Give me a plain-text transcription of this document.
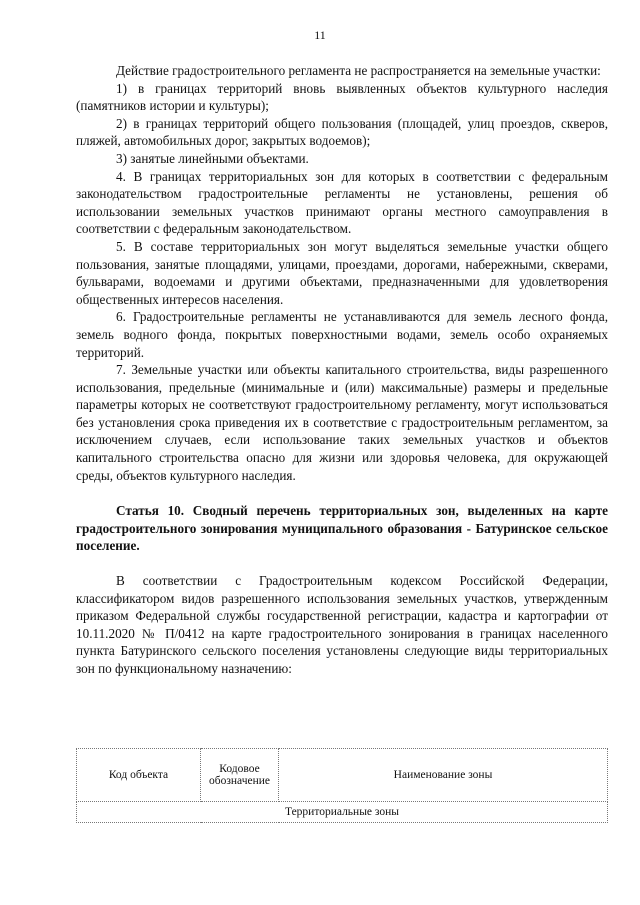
11

Действие градостроительного регламента не распространяется на земельные участки:

1) в границах территорий вновь выявленных объектов культурного наследия (памятников истории и культуры);

2) в границах территорий общего пользования (площадей, улиц проездов, скверов, пляжей, автомобильных дорог, закрытых водоемов);

3) занятые линейными объектами.

4. В границах территориальных зон для которых в соответствии с федеральным законодательством градостроительные регламенты не установлены, решения об использовании земельных участков принимают органы местного самоуправления в соответствии с федеральным законодательством.

5. В составе территориальных зон могут выделяться земельные участки общего пользования, занятые площадями, улицами, проездами, дорогами, набережными, скверами, бульварами, водоемами и другими объектами, предназначенными для удовлетворения общественных интересов населения.

6. Градостроительные регламенты не устанавливаются для земель лесного фонда, земель водного фонда, покрытых поверхностными водами, земель особо охраняемых территорий.

7. Земельные участки или объекты капитального строительства, виды разрешенного использования, предельные (минимальные и (или) максимальные) размеры и предельные параметры которых не соответствуют градостроительному регламенту, могут использоваться без установления срока приведения их в соответствие с градостроительным регламентом, за исключением случаев, если использование таких земельных участков и объектов капитального строительства опасно для жизни или здоровья человека, для окружающей среды, объектов культурного наследия.

Статья 10. Сводный перечень территориальных зон, выделенных на карте градостроительного зонирования муниципального образования - Батуринское сельское поселение.

В соответствии с Градостроительным кодексом Российской Федерации, классификатором видов разрешенного использования земельных участков, утвержденным приказом Федеральной службы государственной регистрации, кадастра и картографии от 10.11.2020 № П/0412 на карте градостроительного зонирования в границах населенного пункта Батуринского сельского поселения установлены следующие виды территориальных зон по функциональному назначению:

Код объекта	Кодовое обозначение	Наименование зоны
Территориальные зоны
